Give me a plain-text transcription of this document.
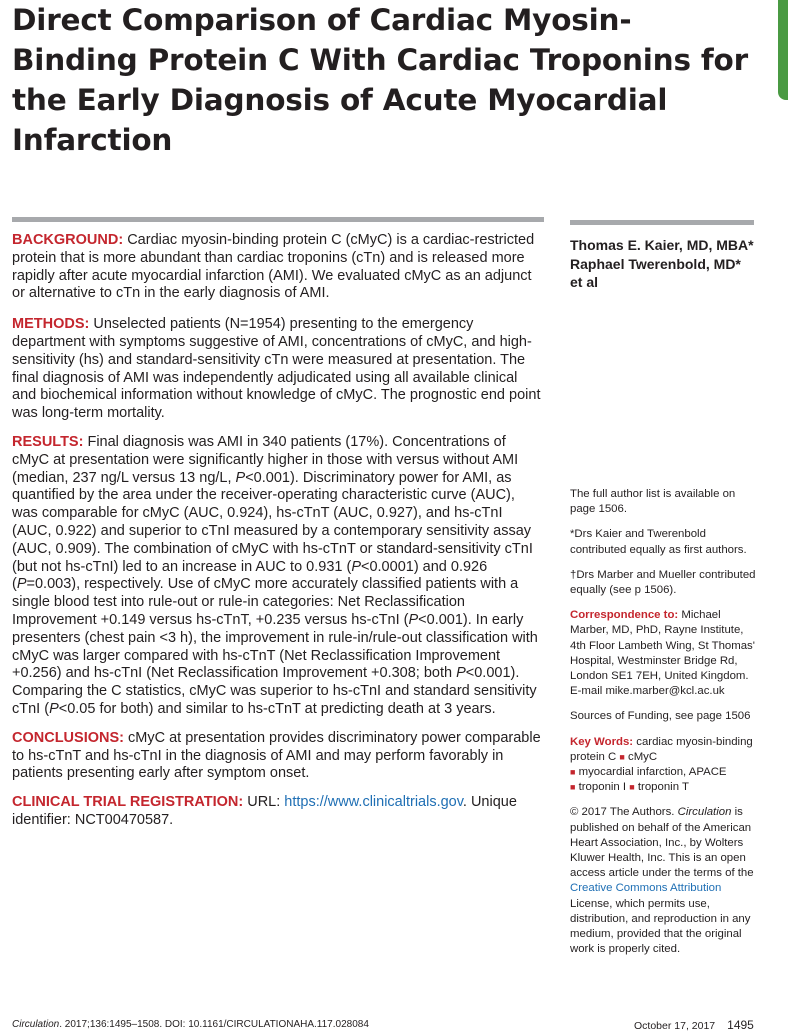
Direct Comparison of Cardiac Myosin-Binding Protein C With Cardiac Troponins for the Early Diagnosis of Acute Myocardial Infarction

BACKGROUND: Cardiac myosin-binding protein C (cMyC) is a cardiac-restricted protein that is more abundant than cardiac troponins (cTn) and is released more rapidly after acute myocardial infarction (AMI). We evaluated cMyC as an adjunct or alternative to cTn in the early diagnosis of AMI.

METHODS: Unselected patients (N=1954) presenting to the emergency department with symptoms suggestive of AMI, concentrations of cMyC, and high-sensitivity (hs) and standard-sensitivity cTn were measured at presentation. The final diagnosis of AMI was independently adjudicated using all available clinical and biochemical information without knowledge of cMyC. The prognostic end point was long-term mortality.

RESULTS: Final diagnosis was AMI in 340 patients (17%). Concentrations of cMyC at presentation were significantly higher in those with versus without AMI (median, 237 ng/L versus 13 ng/L, P<0.001). Discriminatory power for AMI, as quantified by the area under the receiver-operating characteristic curve (AUC), was comparable for cMyC (AUC, 0.924), hs-cTnT (AUC, 0.927), and hs-cTnI (AUC, 0.922) and superior to cTnI measured by a contemporary sensitivity assay (AUC, 0.909). The combination of cMyC with hs-cTnT or standard-sensitivity cTnI (but not hs-cTnI) led to an increase in AUC to 0.931 (P<0.0001) and 0.926 (P=0.003), respectively. Use of cMyC more accurately classified patients with a single blood test into rule-out or rule-in categories: Net Reclassification Improvement +0.149 versus hs-cTnT, +0.235 versus hs-cTnI (P<0.001). In early presenters (chest pain <3 h), the improvement in rule-in/rule-out classification with cMyC was larger compared with hs-cTnT (Net Reclassification Improvement +0.256) and hs-cTnI (Net Reclassification Improvement +0.308; both P<0.001). Comparing the C statistics, cMyC was superior to hs-cTnI and standard sensitivity cTnI (P<0.05 for both) and similar to hs-cTnT at predicting death at 3 years.

CONCLUSIONS: cMyC at presentation provides discriminatory power comparable to hs-cTnT and hs-cTnI in the diagnosis of AMI and may perform favorably in patients presenting early after symptom onset.

CLINICAL TRIAL REGISTRATION: URL: https://www.clinicaltrials.gov. Unique identifier: NCT00470587.

Thomas E. Kaier, MD, MBA*
Raphael Twerenbold, MD*
et al

The full author list is available on page 1506.

*Drs Kaier and Twerenbold contributed equally as first authors.

†Drs Marber and Mueller contributed equally (see p 1506).

Correspondence to: Michael Marber, MD, PhD, Rayne Institute, 4th Floor Lambeth Wing, St Thomas' Hospital, Westminster Bridge Rd, London SE1 7EH, United Kingdom. E-mail mike.marber@kcl.ac.uk

Sources of Funding, see page 1506

Key Words: cardiac myosin-binding protein C ■ cMyC
■ myocardial infarction, APACE
■ troponin I ■ troponin T

© 2017 The Authors. Circulation is published on behalf of the American Heart Association, Inc., by Wolters Kluwer Health, Inc. This is an open access article under the terms of the Creative Commons Attribution License, which permits use, distribution, and reproduction in any medium, provided that the original work is properly cited.

Circulation. 2017;136:1495–1508. DOI: 10.1161/CIRCULATIONAHA.117.028084	October 17, 2017 1495
